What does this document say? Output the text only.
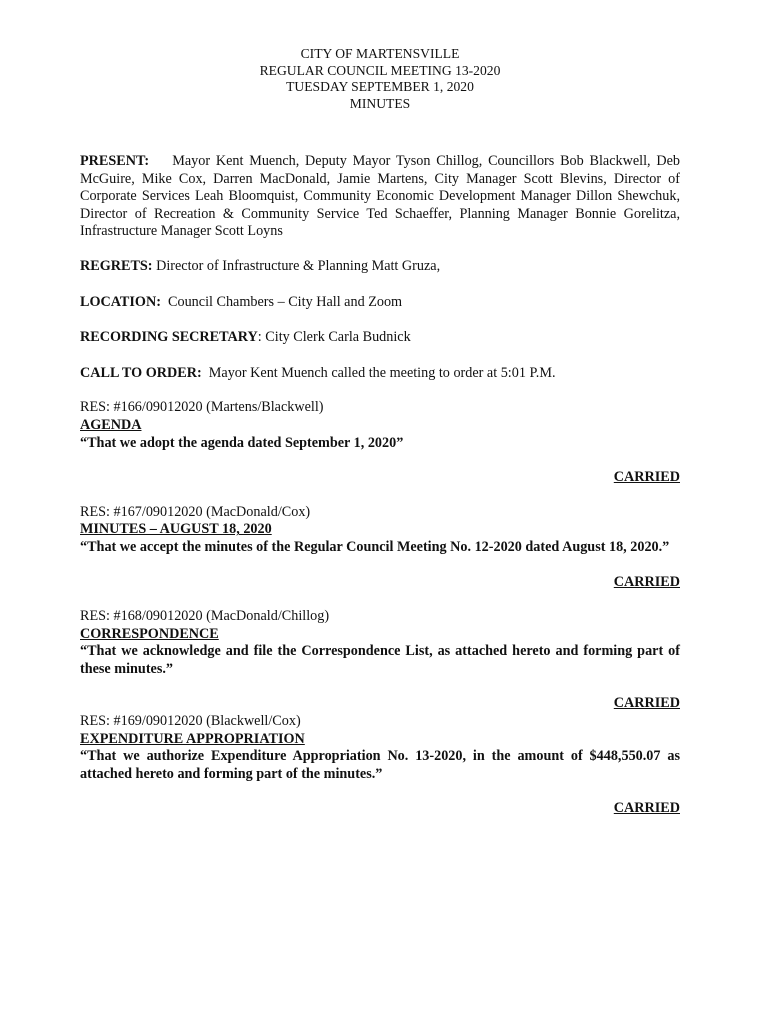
CITY OF MARTENSVILLE
REGULAR COUNCIL MEETING 13-2020
TUESDAY SEPTEMBER 1, 2020
MINUTES

PRESENT: Mayor Kent Muench, Deputy Mayor Tyson Chillog, Councillors Bob Blackwell, Deb McGuire, Mike Cox, Darren MacDonald, Jamie Martens, City Manager Scott Blevins, Director of Corporate Services Leah Bloomquist, Community Economic Development Manager Dillon Shewchuk, Director of Recreation & Community Service Ted Schaeffer, Planning Manager Bonnie Gorelitza, Infrastructure Manager Scott Loyns

REGRETS: Director of Infrastructure & Planning Matt Gruza,

LOCATION: Council Chambers – City Hall and Zoom

RECORDING SECRETARY: City Clerk Carla Budnick

CALL TO ORDER: Mayor Kent Muench called the meeting to order at 5:01 P.M.

RES: #166/09012020 (Martens/Blackwell)
AGENDA
“That we adopt the agenda dated September 1, 2020”
CARRIED
RES: #167/09012020 (MacDonald/Cox)
MINUTES – AUGUST 18, 2020
“That we accept the minutes of the Regular Council Meeting No. 12-2020 dated August 18, 2020.”
CARRIED
RES: #168/09012020 (MacDonald/Chillog)
CORRESPONDENCE
“That we acknowledge and file the Correspondence List, as attached hereto and forming part of these minutes.”
CARRIED
RES: #169/09012020 (Blackwell/Cox)
EXPENDITURE APPROPRIATION
“That we authorize Expenditure Appropriation No. 13-2020, in the amount of $448,550.07 as attached hereto and forming part of the minutes.”
CARRIED
